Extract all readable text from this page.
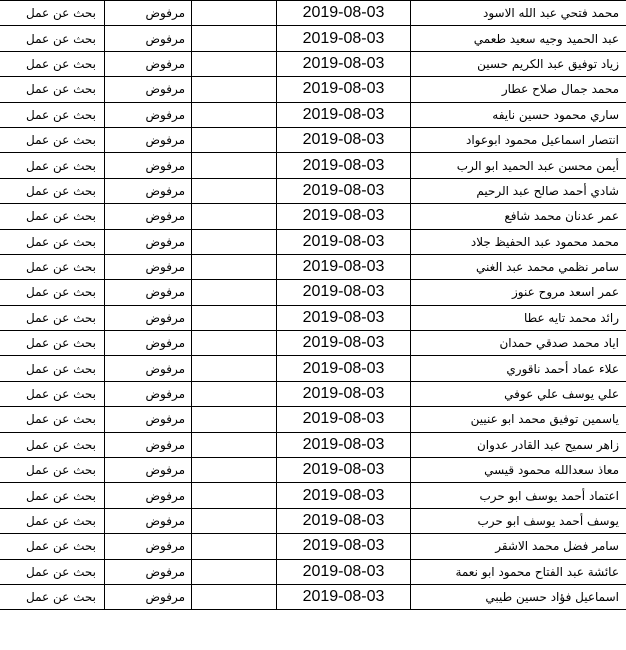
محمد فتحي عبد الله الاسود	2019-08-03		مرفوض	بحث عن عمل
عبد الحميد وجيه سعيد طعمي	2019-08-03		مرفوض	بحث عن عمل
زياد توفيق عبد الكريم حسين	2019-08-03		مرفوض	بحث عن عمل
محمد جمال صلاح عطار	2019-08-03		مرفوض	بحث عن عمل
ساري محمود حسين نايفه	2019-08-03		مرفوض	بحث عن عمل
انتصار اسماعيل محمود ابوعواد	2019-08-03		مرفوض	بحث عن عمل
أيمن محسن عبد الحميد ابو الرب	2019-08-03		مرفوض	بحث عن عمل
شادي أحمد صالح عبد الرحيم	2019-08-03		مرفوض	بحث عن عمل
عمر عدنان محمد شافع	2019-08-03		مرفوض	بحث عن عمل
محمد محمود عبد الحفيظ جلاد	2019-08-03		مرفوض	بحث عن عمل
سامر نظمي محمد عبد الغني	2019-08-03		مرفوض	بحث عن عمل
عمر اسعد مروح عنوز	2019-08-03		مرفوض	بحث عن عمل
رائد محمد تايه عطا	2019-08-03		مرفوض	بحث عن عمل
اياد محمد صدقي حمدان	2019-08-03		مرفوض	بحث عن عمل
علاء عماد أحمد ناقوري	2019-08-03		مرفوض	بحث عن عمل
علي يوسف علي عوفي	2019-08-03		مرفوض	بحث عن عمل
ياسمين توفيق محمد ابو عنيين	2019-08-03		مرفوض	بحث عن عمل
زاهر سميح عبد القادر عدوان	2019-08-03		مرفوض	بحث عن عمل
معاذ سعدالله محمود قيسي	2019-08-03		مرفوض	بحث عن عمل
اعتماد أحمد يوسف ابو حرب	2019-08-03		مرفوض	بحث عن عمل
يوسف أحمد يوسف ابو حرب	2019-08-03		مرفوض	بحث عن عمل
سامر فضل محمد الاشقر	2019-08-03		مرفوض	بحث عن عمل
عائشة عبد الفتاح محمود ابو نعمة	2019-08-03		مرفوض	بحث عن عمل
اسماعيل فؤاد حسين طيبي	2019-08-03		مرفوض	بحث عن عمل
